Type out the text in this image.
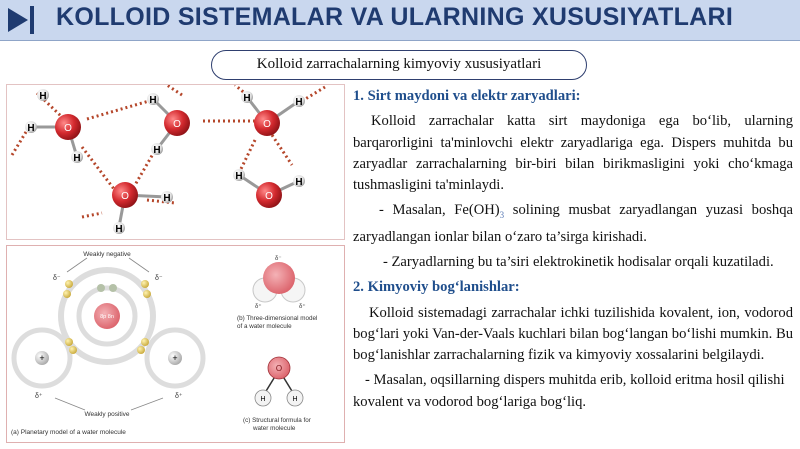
KOLLOID SISTEMALAR VA ULARNING XUSUSIYATLARI
Kolloid zarrachalarning kimyoviy xususiyatlari
O
H
H
H
O
H
H
O
H
H
O
H	H
O
H
H
Weakly negative
Weakly positive
8p 8n
+	+
δ⁻	δ⁻
δ⁺	δ⁺
(a) Planetary model of a water molecule
δ⁻
δ⁺	δ⁺
(b) Three-dimensional model
of a water molecule
O
H	H
(c) Structural formula for
water molecule

1. Sirt maydoni va elektr zaryadlari:

Kolloid zarrachalar katta sirt maydoniga ega bo‘lib, ularning barqarorligini ta'minlovchi elektr zaryadlariga ega. Dispers muhitda bu zaryadlar zarrachalarning bir-biri bilan birikmasligini yoki cho‘kmaga tushmasligini ta'minlaydi.

- Masalan, $Fe(OH)_3$ solining musbat zaryadlangan yuzasi boshqa zaryadlangan ionlar bilan o‘zaro ta’sirga kirishadi.

- Zaryadlarning bu ta’siri elektrokinetik hodisalar orqali kuzatiladi.

2. Kimyoviy bog‘lanishlar:

Kolloid sistemadagi zarrachalar ichki tuzilishida kovalent, ion, vodorod bog‘lari yoki Van-der-Vaals kuchlari bilan bog‘langan bo‘lishi mumkin. Bu bog‘lanishlar zarrachalarning fizik va kimyoviy xossalarini belgilaydi.

- Masalan, oqsillarning dispers muhitda erib, kolloid eritma hosil qilishi kovalent va vodorod bog‘lariga bog‘liq.
